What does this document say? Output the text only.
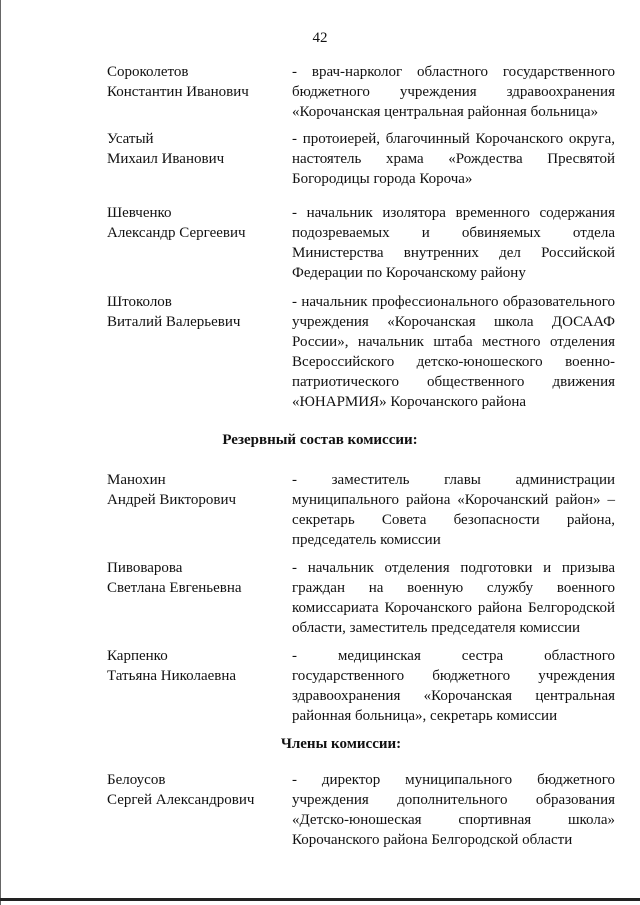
42
Сороколетов
Константин Иванович
- врач-нарколог областного государственного бюджетного учреждения здравоохранения «Корочанская центральная районная больница»
Усатый
Михаил Иванович
- протоиерей, благочинный Корочанского округа, настоятель храма «Рождества Пресвятой Богородицы города Короча»
Шевченко
Александр Сергеевич
- начальник изолятора временного содержания подозреваемых и обвиняемых отдела Министерства внутренних дел Российской Федерации по Корочанскому району
Штоколов
Виталий Валерьевич
- начальник профессионального образовательного учреждения «Корочанская школа ДОСААФ России», начальник штаба местного отделения Всероссийского детско-юношеского военно-патриотического общественного движения «ЮНАРМИЯ» Корочанского района
Резервный состав комиссии:
Манохин
Андрей Викторович
- заместитель главы администрации муниципального района «Корочанский район» – секретарь Совета безопасности района, председатель комиссии
Пивоварова
Светлана Евгеньевна
- начальник отделения подготовки и призыва граждан на военную службу военного комиссариата Корочанского района Белгородской области, заместитель председателя комиссии
Карпенко
Татьяна Николаевна
- медицинская сестра областного государственного бюджетного учреждения здравоохранения «Корочанская центральная районная больница», секретарь комиссии
Члены комиссии:
Белоусов
Сергей Александрович
- директор муниципального бюджетного учреждения дополнительного образования «Детско-юношеская спортивная школа» Корочанского района Белгородской области
